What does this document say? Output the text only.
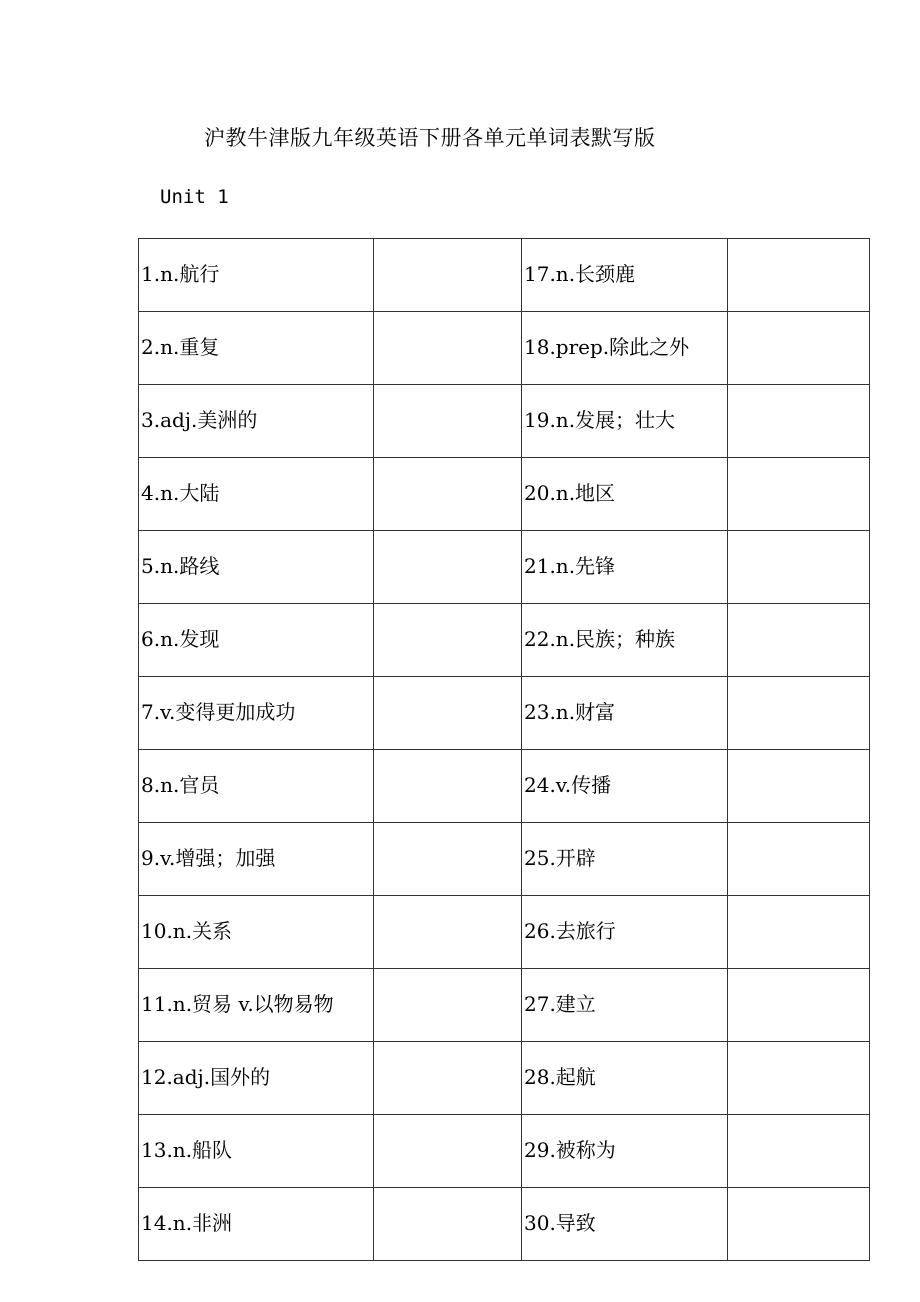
沪教牛津版九年级英语下册各单元单词表默写版
Unit 1
1.n.航行		17.n.长颈鹿	
2.n.重复		18.prep.除此之外	
3.adj.美洲的		19.n.发展；壮大	
4.n.大陆		20.n.地区	
5.n.路线		21.n.先锋	
6.n.发现		22.n.民族；种族	
7.v.变得更加成功		23.n.财富	
8.n.官员		24.v.传播	
9.v.增强；加强		25.开辟	
10.n.关系		26.去旅行	
11.n.贸易 v.以物易物		27.建立	
12.adj.国外的		28.起航	
13.n.船队		29.被称为	
14.n.非洲		30.导致	
